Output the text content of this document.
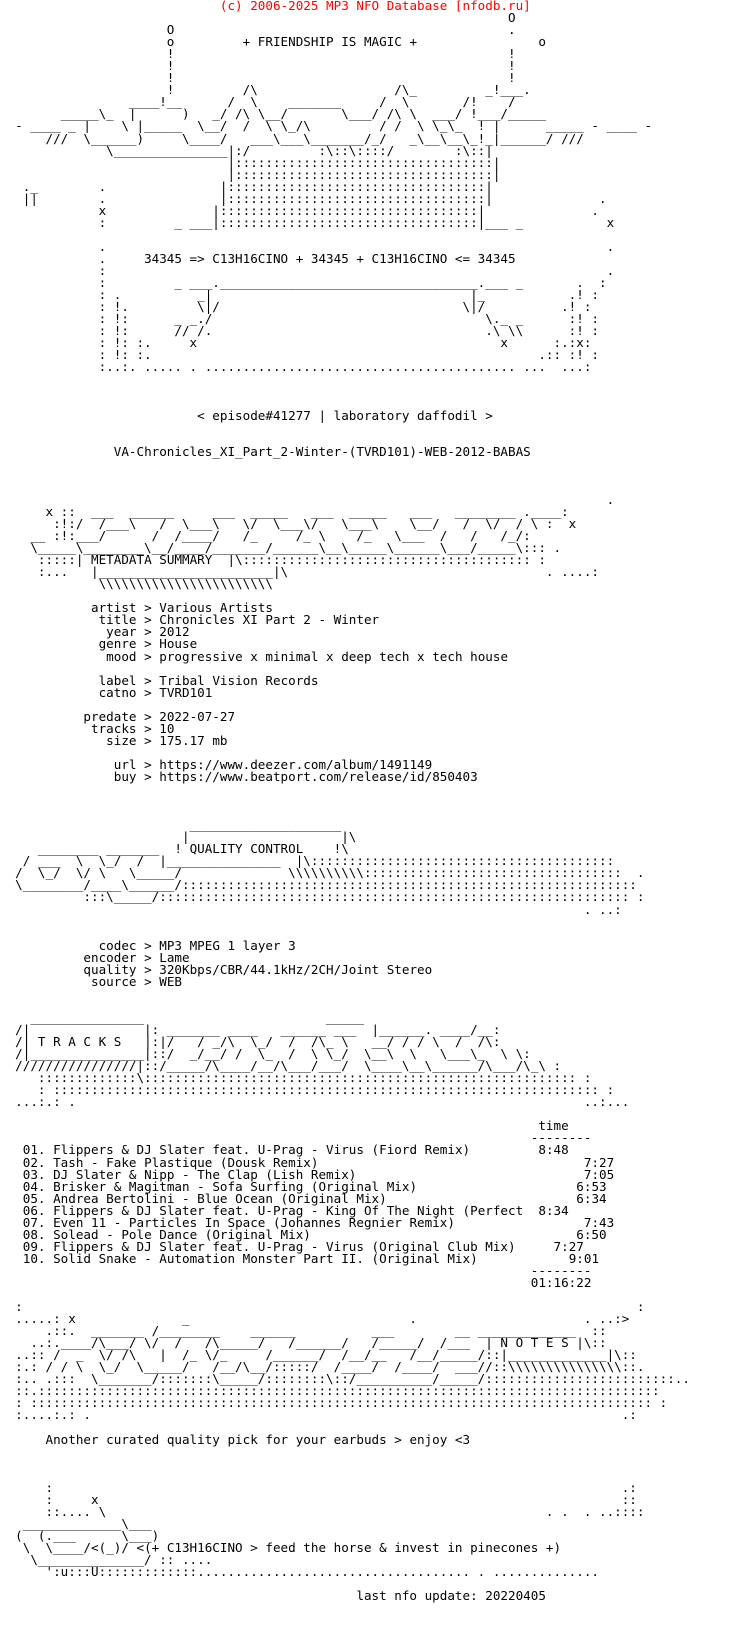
(c) 2006-2025 MP3 NFO Database [nfodb.ru]
O
O                                            .
o         + FRIENDSHIP IS MAGIC +                o
!                                            !
!                                            !
!                                            !
!         /\                  /\_         _!___.
____!__      /  \    _______     /  \       /!    /
_____\_  |      )   _/ /\ \__/       \___/ /\ \  ___/ !___/_____
- ____ _ |    \ |_____  \__/  /  \ \_/\         / /  \ \_\_  ! |      _____ - ____ -
///  \______)     \____/   ___\___\_______/_/   _\__\__\_!_|______/ ///
\_______________|:/         :\::\::::/        :\::|
|::::::::::::::::::::::::::::::::::|
|::::::::::::::::::::::::::::::::::|
._        .               |::::::::::::::::::::::::::::::::::|
||        .               |::::::::::::::::::::::::::::::::::|              .
x              |::::::::::::::::::::::::::::::::::|              .
:         _ ___|::::::::::::::::::::::::::::::::::|___ _           x

.                                                                  .
.     34345 => C13H16CINO + 34345 + C13H16CINO <= 34345
:                                                                  .
:         _ ___.__________________________________.___ _       .  :
: .          _|                                  |_           .! :
: !.         \|/                                \|/          .! :
: !:      _ _./                                    \._ _      :! :
: !:      // /.                                    .\ \\      :! :
: !: :.     x                                        x      :.:x:
: !: :.                                                   .:: :! :
:..:. ..... . ......................................... ...  ...:

< episode#41277 | laboratory daffodil >

VA-Chronicles_XI_Part_2-Winter-(TVRD101)-WEB-2012-BABAS

.
x ::  ___  ______     ___  _____   ___  _____   ___   ________ .____:
:!:/  /___\   /  \___\   \/  \___\/   \___\    \__/   /  \/  / \ :  x
__ :!:___/      /  /____/   /_     /_ \    /_   \___  /   /   /_/:
\_____\________\__/____/_______/______\__\_____\______\___/_____\::: .
:::::| METADATA SUMMARY  |\:::::::::::::::::::::::::::::::::::::: :
:...   |_______________________|\                                  . ....:
\\\\\\\\\\\\\\\\\\\\\\\

artist > Various Artists
title > Chronicles XI Part 2 - Winter
year > 2012
genre > House
mood > progressive x minimal x deep tech x tech house

label > Tribal Vision Records
catno > TVRD101

predate > 2022-07-27
tracks > 10
size > 175.17 mb

url > https://www.deezer.com/album/1491149
buy > https://www.beatport.com/release/id/850403

____________________
|                    |\
________ _______  ! QUALITY CONTROL    !\
/ ___  \  \_/  /  |_______________  |\::::::::::::::::::::::::::::::::::::::::
/  \_/  \/ \   \_____/              \\\\\\\\\\::::::::::::::::::::::::::::::::::  .
\________/____\______/::::::::::::::::::::::::::::::::::::::::::::::::::::::::::::
:::\_____/:::::::::::::::::::::::::::::::::::::::::::::::::::::::::::::: :
. ..:

codec > MP3 MPEG 1 layer 3
encoder > Lame
quality > 320Kbps/CBR/44.1kHz/2CH/Joint Stereo
source > WEB

_______________                        _____
/|               |: _______ ____   ______ ___  |______. ____/__:
/| T R A C K S   |:|/   / _/\  \_/  /  /\_ \   __/ / / \  /  /\:
/|_______________|::/  _/__/ /  \_  /  \ \_/  \__\  \   \___\_  \ \:
////////////////|::/_____/\____/__/\___/___/  \____\__\______/\___/\_\ :
:::::::::::::\::::::::::::::::::::::::::::::::::::::::::::::::::::::::: :
: :::::::::::::::::::::::::::::::::::::::::::::::::::::::::::::::::::::::: :
...:.: .                                                                   ..:...

time
--------
01. Flippers & DJ Slater feat. U-Prag - Virus (Fiord Remix)	8:48
02. Tash - Fake Plastique (Dousk Remix)	7:27
03. DJ Slater & Nipp - The Clap (Lish Remix)	7:05
04. Brisker & Magitman - Sofa Surfing (Original Mix)	6:53
05. Andrea Bertolini - Blue Ocean (Original Mix)	6:34
06. Flippers & DJ Slater feat. U-Prag - King Of The Night (Perfect 8:34
07. Even 11 - Particles In Space (Johannes Regnier Remix)	7:43
08. Solead - Pole Dance (Original Mix)	6:50
09. Flippers & DJ Slater feat. U-Prag - Virus (Original Club Mix)	7:27
10. Solid Snake - Automation Monster Part II. (Original Mix)	9:01
--------
01:16:22

:                                                                                 :
.....: x              _                             .                      . ..:>
.::.  _______ /________    ______          ___        __ _____________  ::
..:.____/\___/ \/  /   /\_____/   /______/   /_____/  /___  | N O T E S |\::
..:: /  _  \/ /\   |  /_ \/_     /______/  /__/__   /__/_____/::|_____________|\::
:.: / / \  \_/  \_____/   /__/\__/:::::/  /____/  /____/  ___//::\\\\\\\\\\\\\\\::.
:.. .:::  \_______/:::::::\_____/::::::::\::/__________/_____/:::::::::::::::::::::::::..
::.::::::::::::::::::::::::::::::::::::::::::::::::::::::::::::::::::::::::::::::::::
: :::::::::::::::::::::::::::::::::::::::::::::::::::::::::::::::::::::::::::::::::: :
:....:.: .                                                                      .:

Another curated quality pick for your earbuds > enjoy <3

:                                                                           .:
:     x                                                                     ::
::.... \                                                          . .  . ..::::
_____________\___
(  (.___      \___)
\  \____/<(_)/ <(+ C13H16CINO > feed the horse & invest in pinecones +)
\______________/ :: ....
':u:::U:::::::::::::.................................... . ..............

last nfo update: 20220405
